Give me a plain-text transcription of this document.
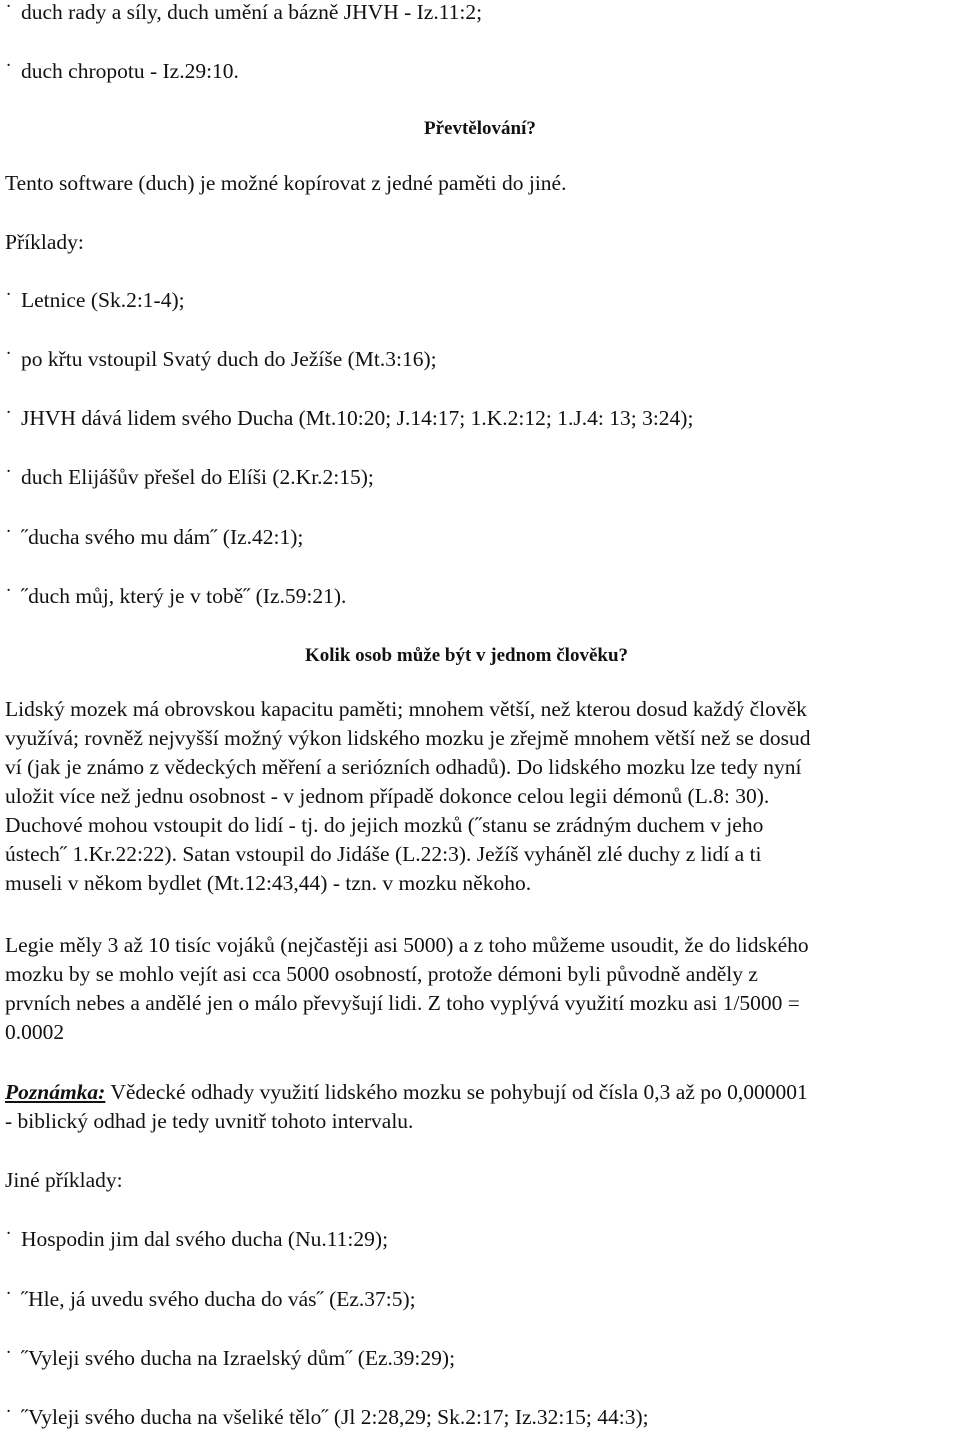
˙ duch rady a síly, duch umění a bázně JHVH - Iz.11:2;
˙ duch chropotu - Iz.29:10.
Převtělování?
Tento software (duch) je možné kopírovat z jedné paměti do jiné.
Příklady:
˙ Letnice (Sk.2:1-4);
˙ po křtu vstoupil Svatý duch do Ježíše (Mt.3:16);
˙ JHVH dává lidem svého Ducha (Mt.10:20; J.14:17; 1.K.2:12; 1.J.4: 13; 3:24);
˙ duch Elijášův přešel do Elíši (2.Kr.2:15);
˙ ˝ducha svého mu dám˝ (Iz.42:1);
˙ ˝duch můj, který je v tobě˝ (Iz.59:21).
Kolik osob může být v jednom člověku?
Lidský mozek má obrovskou kapacitu paměti; mnohem větší, než kterou dosud každý člověk
využívá; rovněž nejvyšší možný výkon lidského mozku je zřejmě mnohem větší než se dosud
ví (jak je známo z vědeckých měření a seriózních odhadů). Do lidského mozku lze tedy nyní
uložit více než jednu osobnost - v jednom případě dokonce celou legii démonů (L.8: 30).
Duchové mohou vstoupit do lidí - tj. do jejich mozků (˝stanu se zrádným duchem v jeho
ústech˝ 1.Kr.22:22). Satan vstoupil do Jidáše (L.22:3). Ježíš vyháněl zlé duchy z lidí a ti
museli v někom bydlet (Mt.12:43,44) - tzn. v mozku někoho.
Legie měly 3 až 10 tisíc vojáků (nejčastěji asi 5000) a z toho můžeme usoudit, že do lidského
mozku by se mohlo vejít asi cca 5000 osobností, protože démoni byli původně anděly z
prvních nebes a andělé jen o málo převyšují lidi. Z toho vyplývá využití mozku asi 1/5000 =
0.0002
Poznámka: Vědecké odhady využití lidského mozku se pohybují od čísla 0,3 až po 0,000001
- biblický odhad je tedy uvnitř tohoto intervalu.
Jiné příklady:
˙ Hospodin jim dal svého ducha (Nu.11:29);
˙ ˝Hle, já uvedu svého ducha do vás˝ (Ez.37:5);
˙ ˝Vyleji svého ducha na Izraelský dům˝ (Ez.39:29);
˙ ˝Vyleji svého ducha na všeliké tělo˝ (Jl 2:28,29; Sk.2:17; Iz.32:15; 44:3);
